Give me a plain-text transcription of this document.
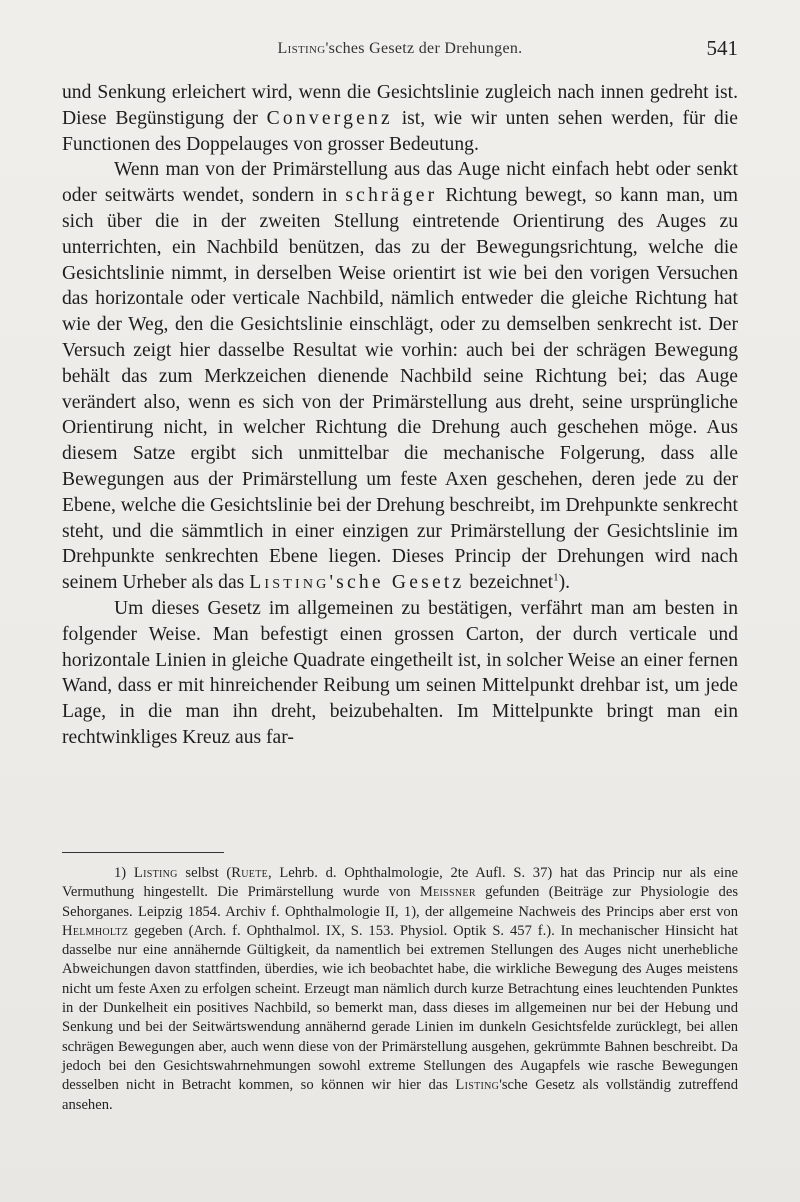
Listing'sches Gesetz der Drehungen.	541

und Senkung erleichert wird, wenn die Gesichtslinie zugleich nach innen gedreht ist. Diese Begünstigung der Convergenz ist, wie wir unten sehen werden, für die Functionen des Doppelauges von grosser Bedeutung.

Wenn man von der Primärstellung aus das Auge nicht einfach hebt oder senkt oder seitwärts wendet, sondern in schräger Richtung bewegt, so kann man, um sich über die in der zweiten Stellung eintretende Orientirung des Auges zu unterrichten, ein Nachbild benützen, das zu der Bewegungsrichtung, welche die Gesichtslinie nimmt, in derselben Weise orientirt ist wie bei den vorigen Versuchen das horizontale oder verticale Nachbild, nämlich entweder die gleiche Richtung hat wie der Weg, den die Gesichtslinie einschlägt, oder zu demselben senkrecht ist. Der Versuch zeigt hier dasselbe Resultat wie vorhin: auch bei der schrägen Bewegung behält das zum Merkzeichen dienende Nachbild seine Richtung bei; das Auge verändert also, wenn es sich von der Primärstellung aus dreht, seine ursprüngliche Orientirung nicht, in welcher Richtung die Drehung auch geschehen möge. Aus diesem Satze ergibt sich unmittelbar die mechanische Folgerung, dass alle Bewegungen aus der Primärstellung um feste Axen geschehen, deren jede zu der Ebene, welche die Gesichtslinie bei der Drehung beschreibt, im Drehpunkte senkrecht steht, und die sämmtlich in einer einzigen zur Primärstellung der Gesichtslinie im Drehpunkte senkrechten Ebene liegen. Dieses Princip der Drehungen wird nach seinem Urheber als das Listing'sche Gesetz bezeichnet$^1$).

Um dieses Gesetz im allgemeinen zu bestätigen, verfährt man am besten in folgender Weise. Man befestigt einen grossen Carton, der durch verticale und horizontale Linien in gleiche Quadrate eingetheilt ist, in solcher Weise an einer fernen Wand, dass er mit hinreichender Reibung um seinen Mittelpunkt drehbar ist, um jede Lage, in die man ihn dreht, beizubehalten. Im Mittelpunkte bringt man ein rechtwinkliges Kreuz aus far-

1) Listing selbst (Ruete, Lehrb. d. Ophthalmologie, 2te Aufl. S. 37) hat das Princip nur als eine Vermuthung hingestellt. Die Primärstellung wurde von Meissner gefunden (Beiträge zur Physiologie des Sehorganes. Leipzig 1854. Archiv f. Ophthalmologie II, 1), der allgemeine Nachweis des Princips aber erst von Helmholtz gegeben (Arch. f. Ophthalmol. IX, S. 153. Physiol. Optik S. 457 f.). In mechanischer Hinsicht hat dasselbe nur eine annähernde Gültigkeit, da namentlich bei extremen Stellungen des Auges nicht unerhebliche Abweichungen davon stattfinden, überdies, wie ich beobachtet habe, die wirkliche Bewegung des Auges meistens nicht um feste Axen zu erfolgen scheint. Erzeugt man nämlich durch kurze Betrachtung eines leuchtenden Punktes in der Dunkelheit ein positives Nachbild, so bemerkt man, dass dieses im allgemeinen nur bei der Hebung und Senkung und bei der Seitwärtswendung annähernd gerade Linien im dunkeln Gesichtsfelde zurücklegt, bei allen schrägen Bewegungen aber, auch wenn diese von der Primärstellung ausgehen, gekrümmte Bahnen beschreibt. Da jedoch bei den Gesichtswahrnehmungen sowohl extreme Stellungen des Augapfels wie rasche Bewegungen desselben nicht in Betracht kommen, so können wir hier das Listing'sche Gesetz als vollständig zutreffend ansehen.
